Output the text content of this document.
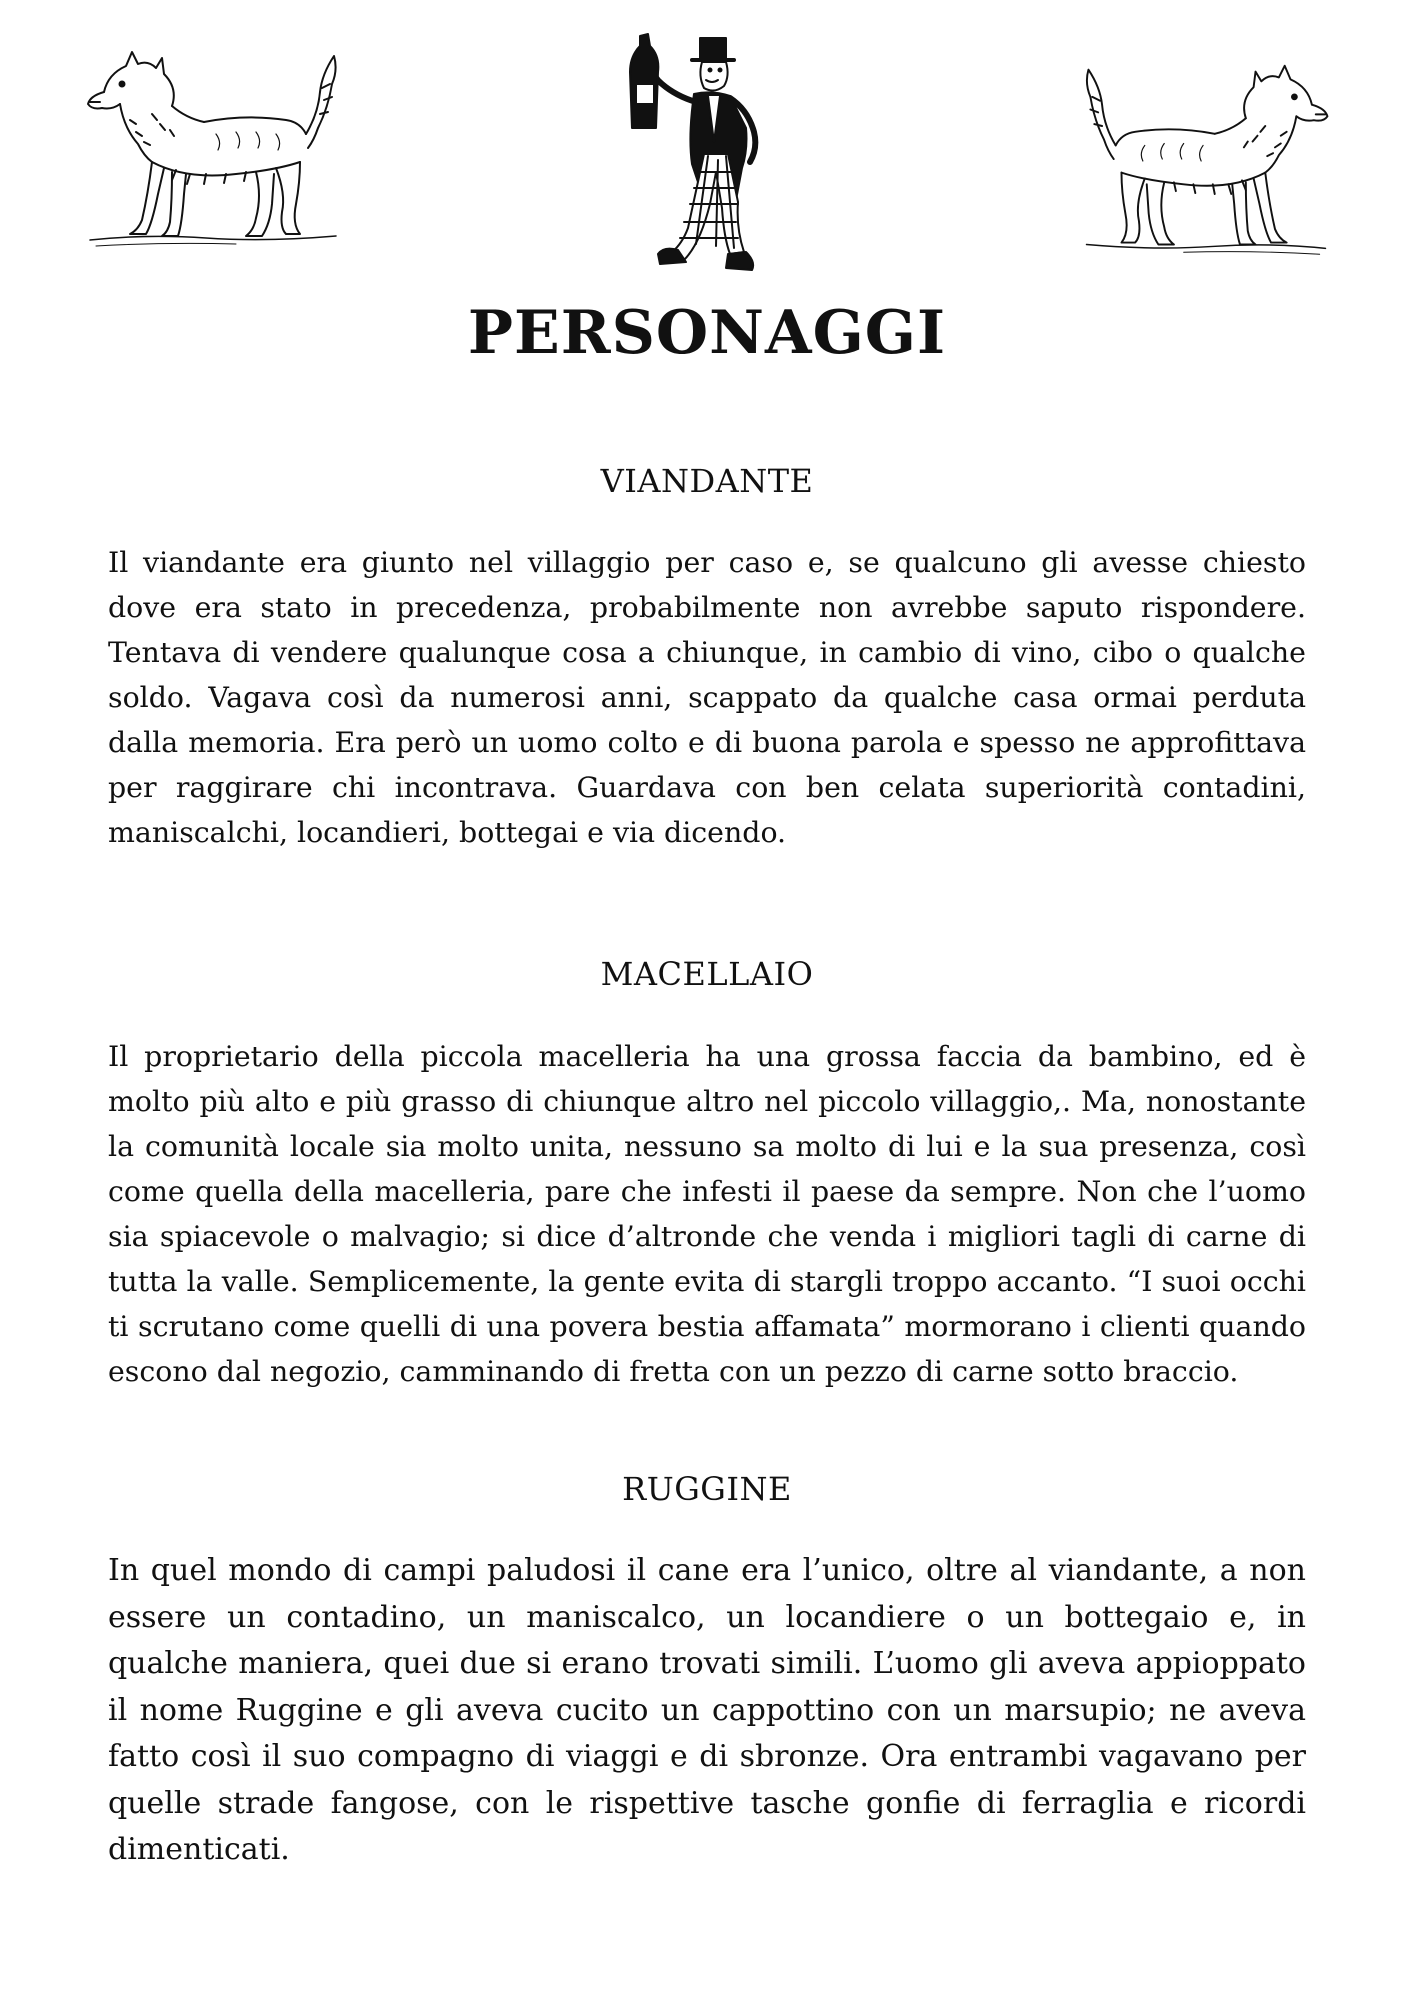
PERSONAGGI
VIANDANTE

Il viandante era giunto nel villaggio per caso e, se qualcuno gli avesse chiesto dove era stato in precedenza, probabilmente non avrebbe saputo rispondere. Tentava di vendere qualunque cosa a chiunque, in cambio di vino, cibo o qualche soldo. Vagava così da numerosi anni, scappato da qualche casa ormai perduta dalla memoria. Era però un uomo colto e di buona parola e spesso ne approfittava per raggirare chi incontrava. Guardava con ben celata superiorità contadini, maniscalchi, locandieri, bottegai e via dicendo.

MACELLAIO

Il proprietario della piccola macelleria ha una grossa faccia da bambino, ed è molto più alto e più grasso di chiunque altro nel piccolo villaggio,. Ma, nonostante la comunità locale sia molto unita, nessuno sa molto di lui e la sua presenza, così come quella della macelleria, pare che infesti il paese da sempre. Non che l’uomo sia spiacevole o malvagio; si dice d’altronde che venda i migliori tagli di carne di tutta la valle. Semplicemente, la gente evita di stargli troppo accanto. “I suoi occhi ti scrutano come quelli di una povera bestia affamata” mormorano i clienti quando escono dal negozio, camminando di fretta con un pezzo di carne sotto braccio.

RUGGINE

In quel mondo di campi paludosi il cane era l’unico, oltre al viandante, a non essere un contadino, un maniscalco, un locandiere o un bottegaio e, in qualche maniera, quei due si erano trovati simili. L’uomo gli aveva appioppato il nome Ruggine e gli aveva cucito un cappottino con un marsupio; ne aveva fatto così il suo compagno di viaggi e di sbronze. Ora entrambi vagavano per quelle strade fangose, con le rispettive tasche gonfie di ferraglia e ricordi dimenticati.
